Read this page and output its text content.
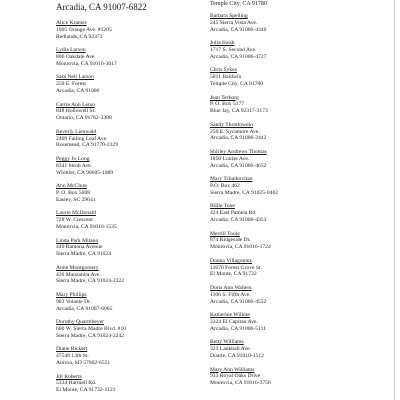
Arcadia, CA 91007-6822	Temple City, CA 91780
Alice Kramer
1905 Orange Ave. #1205
Redlands, CA 92373
Lydia Larson
806 Oakdale Ave.
Monrovia, CA 91016-3017
Sara Nell Larson
259 E. Forest
Arcadia, CA 91006
Carrie Ann Lerso
848 Hollowell St.
Ontario, CA 91762-3308
Beverly Lienwald
2409 Falling Leaf Ave.
Rosemead, CA 91770-2329
Peggy Jo Long
8341 Stroh Ave.
Whittier, CA 90605-1089
Ann McClure
P. O. Box 5008
Easley, SC 29641
Laurie McDonald
728 W. Crescent
Monrovia, CA 91016-1535
Linda Park Milano
440 Ramona Avenue
Sierra Madre, CA 91024
Anne Montgomery
436 Manzanita Ave.
Sierra Madre, CA 91024-2322
Mary Phillips
963 Volante Dr.
Arcadia, CA 91007-6065
Dorothy Quarmbeyer
600 W. Sierra Madre Blvd. #10
Sierra Madre, CA 91024-2242
Diane Rickert
47548 13th St.
Aurora, SD 57002-6551
Jill Roberts
5334 Hartnell Rd.
El Monte, CA 91732-1121
Barbara Spelling
245 Sierra Vista Ave.
Arcadia, CA 91006-4340
Julia Swab
1717 S. Second Ave.
Arcadia, CA 91006-4727
Chris Sykes
5811 Baldwin
Temple City, CA 91780
Jean Terborg
P. O. Box 5177
Blue Jay, CA 92317-3173
Sandy Throttowein
250 E. Sycamore Ave.
Arcadia, CA 91006-2442
Shirley Andrews Thomas
1850 Louise Ave.
Arcadia, CA 91006-4652
Mary Tchaikovitan
P.O. Box 462
Sierra Madre, CA 91025-0462
Billie Tone
424 East Pamela Rd.
Arcadia, CA 91006-4353
Merrill Toole
874 Ridgeside Dr.
Monrovia, CA 91016-1724
Donna Villagomez
11670 Forest Grove St.
El Monte, CA 91732
Doris Ann Walters
1106 S. Fifth Ave.
Arcadia, CA 91006-4552
Katherine Wilhite
2324 El Capitan Ave.
Arcadia, CA 91006-5111
Betty Williams
323 Lankhall Ave.
Duarte, CA 91010-1512
Mary Ann Williams
933 Royal Oaks Drive
Monrovia, CA 91016-3756
